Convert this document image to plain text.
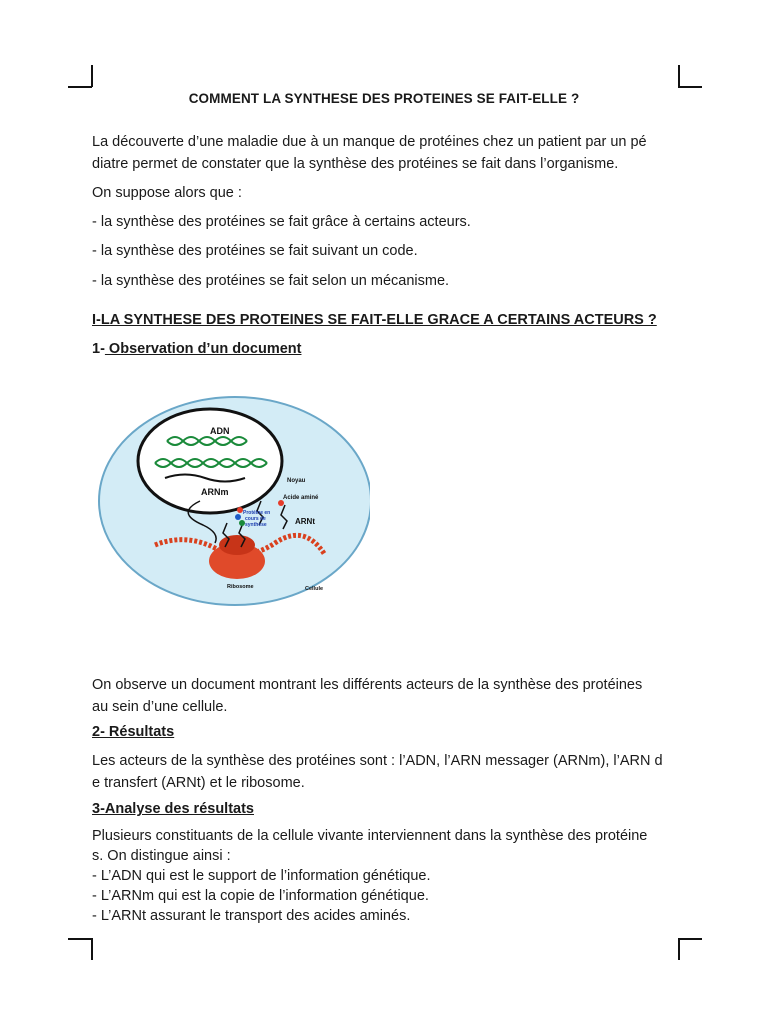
COMMENT LA SYNTHESE DES PROTEINES SE FAIT-ELLE ?
La découverte d’une maladie due à un manque de protéines chez un patient par un pé
diatre permet de constater que la synthèse des protéines se fait dans l’organisme.
On suppose alors que :
- la synthèse des protéines se fait grâce à certains acteurs.
- la synthèse des protéines se fait suivant un code.
- la synthèse des protéines se fait selon un mécanisme.
I-LA SYNTHESE DES PROTEINES SE FAIT-ELLE GRACE A CERTAINS ACTEURS ?
1- Observation d’un document
ADN
ARNm
Noyau
Acide aminé
Protéine en
cours de
synthèse	ARNt
Ribosome	Cellule
On observe un document montrant les différents acteurs de la synthèse des protéines
au sein d’une cellule.
2- Résultats
Les acteurs de la synthèse des protéines sont : l’ADN, l’ARN messager (ARNm), l’ARN d
e transfert (ARNt) et le ribosome.
3-Analyse des résultats
Plusieurs constituants de la cellule vivante interviennent dans la synthèse des protéine
s. On distingue ainsi :
- L’ADN qui est le support de l’information génétique.
- L’ARNm qui est la copie de l’information génétique.
- L’ARNt assurant le transport des acides aminés.
